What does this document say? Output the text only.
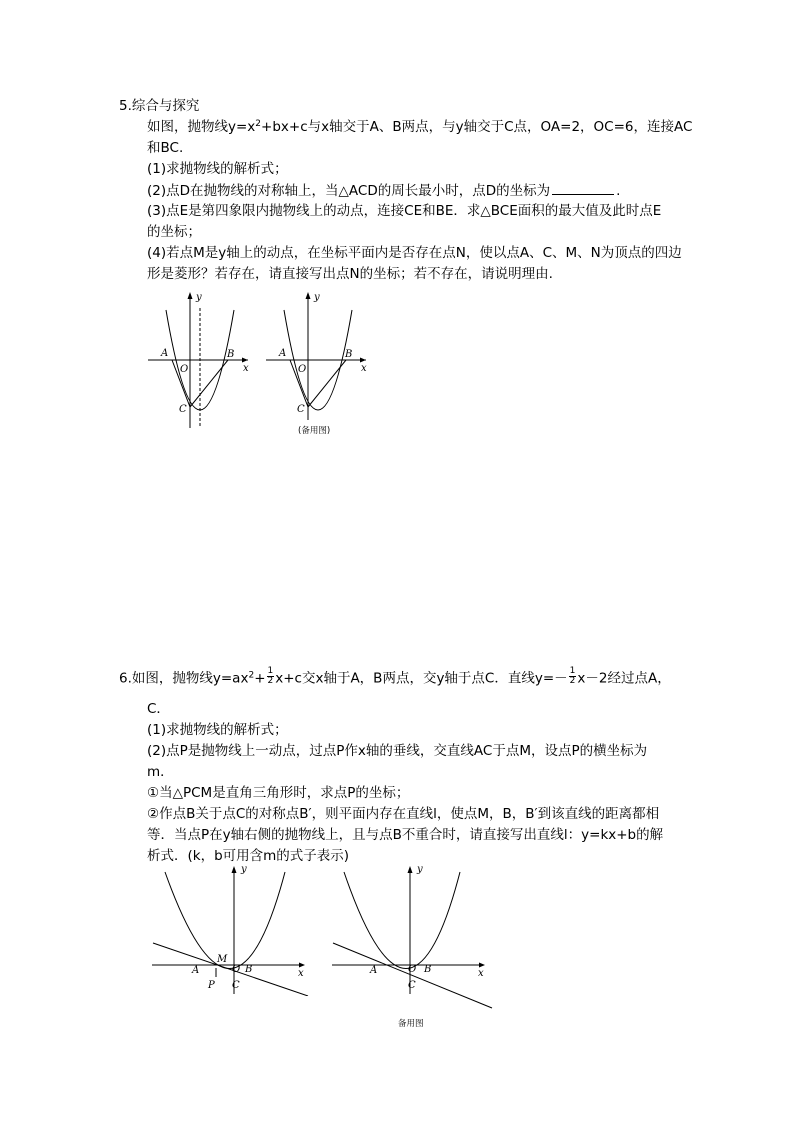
5.综合与探究
如图，抛物线$y=x^2+bx+c$与x轴交于A、B两点，与y轴交于C点，OA=2，OC=6，连接AC
和BC.
(1)求抛物线的解析式；
(2)点D在抛物线的对称轴上，当△ACD的周长最小时，点D的坐标为	.
(3)点E是第四象限内抛物线上的动点，连接CE和BE．求△BCE面积的最大值及此时点E
的坐标；
(4)若点M是y轴上的动点，在坐标平面内是否存在点N，使以点A、C、M、N为顶点的四边
形是菱形？若存在，请直接写出点N的坐标；若不存在，请说明理由.
y
x
A	B
O
C
y
x
A	B
O
C
(备用图)
6.如图，抛物线$y=ax^2+ \frac{1}{2} x+c$交x轴于A，B两点，交y轴于点C．直线$y=- \frac{1}{2} x-2$经过点A，
C．
(1)求抛物线的解析式；
(2)点P是抛物线上一动点，过点P作x轴的垂线，交直线AC于点M，设点P的横坐标为
m．
①当△PCM是直角三角形时，求点P的坐标；
②作点B关于点C的对称点B′，则平面内存在直线l，使点M，B，B′到该直线的距离都相
等．当点P在y轴右侧的抛物线上，且与点B不重合时，请直接写出直线l：y=kx+b的解
析式．(k，b可用含m的式子表示)
y
x
A
M
O B
P C
y
x
A	O B
C
备用图
